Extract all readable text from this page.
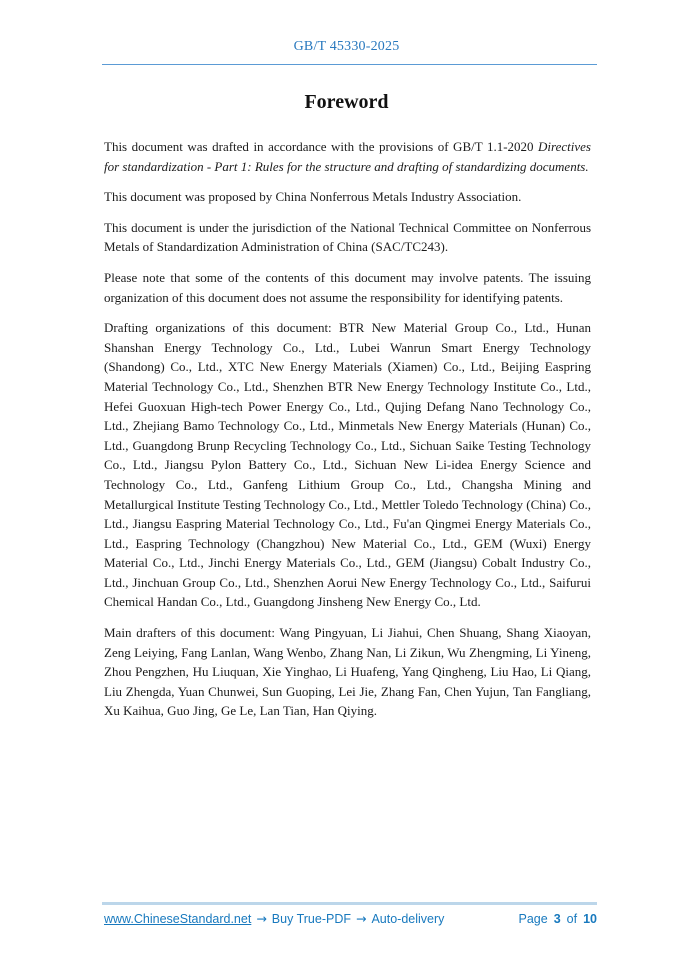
GB/T 45330-2025
Foreword

This document was drafted in accordance with the provisions of GB/T 1.1-2020 Directives for standardization - Part 1: Rules for the structure and drafting of standardizing documents.

This document was proposed by China Nonferrous Metals Industry Association.

This document is under the jurisdiction of the National Technical Committee on Nonferrous Metals of Standardization Administration of China (SAC/TC243).

Please note that some of the contents of this document may involve patents. The issuing organization of this document does not assume the responsibility for identifying patents.

Drafting organizations of this document: BTR New Material Group Co., Ltd., Hunan Shanshan Energy Technology Co., Ltd., Lubei Wanrun Smart Energy Technology (Shandong) Co., Ltd., XTC New Energy Materials (Xiamen) Co., Ltd., Beijing Easpring Material Technology Co., Ltd., Shenzhen BTR New Energy Technology Institute Co., Ltd., Hefei Guoxuan High-tech Power Energy Co., Ltd., Qujing Defang Nano Technology Co., Ltd., Zhejiang Bamo Technology Co., Ltd., Minmetals New Energy Materials (Hunan) Co., Ltd., Guangdong Brunp Recycling Technology Co., Ltd., Sichuan Saike Testing Technology Co., Ltd., Jiangsu Pylon Battery Co., Ltd., Sichuan New Li-idea Energy Science and Technology Co., Ltd., Ganfeng Lithium Group Co., Ltd., Changsha Mining and Metallurgical Institute Testing Technology Co., Ltd., Mettler Toledo Technology (China) Co., Ltd., Jiangsu Easpring Material Technology Co., Ltd., Fu'an Qingmei Energy Materials Co., Ltd., Easpring Technology (Changzhou) New Material Co., Ltd., GEM (Wuxi) Energy Material Co., Ltd., Jinchi Energy Materials Co., Ltd., GEM (Jiangsu) Cobalt Industry Co., Ltd., Jinchuan Group Co., Ltd., Shenzhen Aorui New Energy Technology Co., Ltd., Saifurui Chemical Handan Co., Ltd., Guangdong Jinsheng New Energy Co., Ltd.

Main drafters of this document: Wang Pingyuan, Li Jiahui, Chen Shuang, Shang Xiaoyan, Zeng Leiying, Fang Lanlan, Wang Wenbo, Zhang Nan, Li Zikun, Wu Zhengming, Li Yineng, Zhou Pengzhen, Hu Liuquan, Xie Yinghao, Li Huafeng, Yang Qingheng, Liu Hao, Li Qiang, Liu Zhengda, Yuan Chunwei, Sun Guoping, Lei Jie, Zhang Fan, Chen Yujun, Tan Fangliang, Xu Kaihua, Guo Jing, Ge Le, Lan Tian, Han Qiying.

www.ChineseStandard.net → Buy True-PDF → Auto-delivery	Page 3 of 10
